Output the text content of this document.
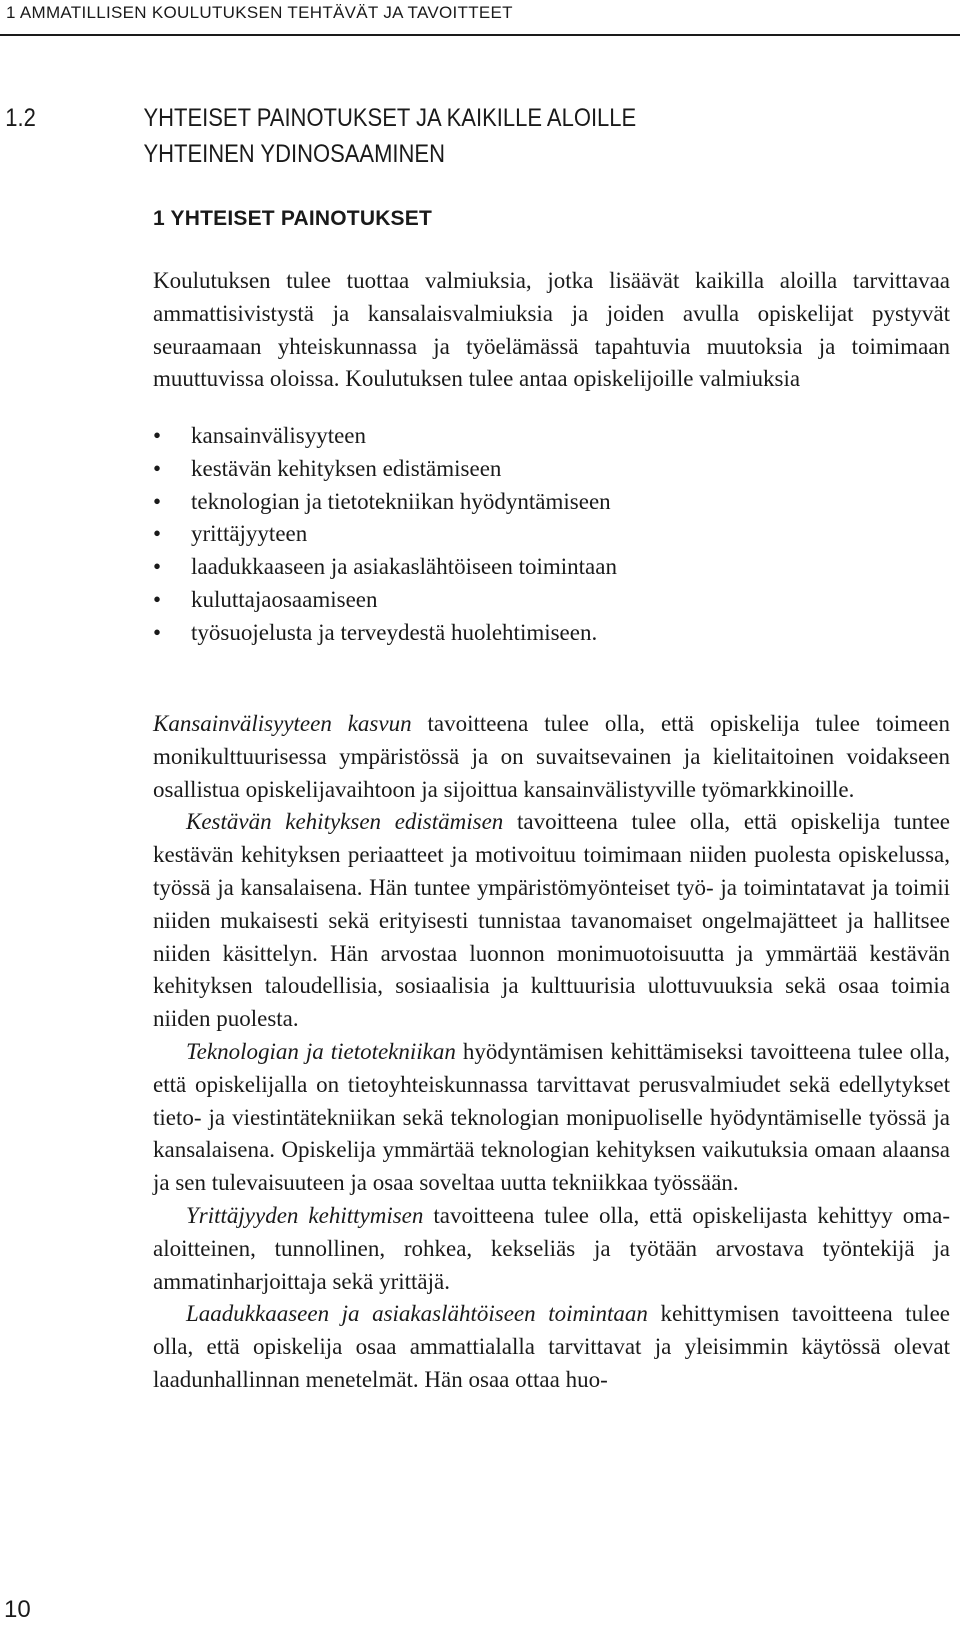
1 AMMATILLISEN KOULUTUKSEN TEHTÄVÄT JA TAVOITTEET
1.2	YHTEISET PAINOTUKSET JA KAIKILLE ALOILLE
YHTEINEN YDINOSAAMINEN
1 YHTEISET PAINOTUKSET

Koulutuksen tulee tuottaa valmiuksia, jotka lisäävät kaikilla aloilla tarvittavaa ammattisivistystä ja kansalaisvalmiuksia ja joiden avulla opiskelijat pystyvät seuraamaan yhteiskunnassa ja työelämässä tapahtuvia muutoksia ja toimimaan muuttuvissa oloissa. Koulutuksen tulee antaa opiskelijoille valmiuksia

• kansainvälisyyteen
• kestävän kehityksen edistämiseen
• teknologian ja tietotekniikan hyödyntämiseen
• yrittäjyyteen
• laadukkaaseen ja asiakaslähtöiseen toimintaan
• kuluttajaosaamiseen
• työsuojelusta ja terveydestä huolehtimiseen.

Kansainvälisyyteen kasvun tavoitteena tulee olla, että opiskelija tulee toimeen monikulttuurisessa ympäristössä ja on suvaitsevainen ja kielitaitoinen voidakseen osallistua opiskelijavaihtoon ja sijoittua kansainvälistyville työmarkkinoille.

Kestävän kehityksen edistämisen tavoitteena tulee olla, että opiskelija tuntee kestävän kehityksen periaatteet ja motivoituu toimimaan niiden puolesta opiskelussa, työssä ja kansalaisena. Hän tuntee ympäristömyönteiset työ- ja toimintatavat ja toimii niiden mukaisesti sekä erityisesti tunnistaa tavanomaiset ongelmajätteet ja hallitsee niiden käsittelyn. Hän arvostaa luonnon monimuotoisuutta ja ymmärtää kestävän kehityksen taloudellisia, sosiaalisia ja kulttuurisia ulottuvuuksia sekä osaa toimia niiden puolesta.

Teknologian ja tietotekniikan hyödyntämisen kehittämiseksi tavoitteena tulee olla, että opiskelijalla on tietoyhteiskunnassa tarvittavat perusvalmiudet sekä edellytykset tieto- ja viestintätekniikan sekä teknologian monipuoliselle hyödyntämiselle työssä ja kansalaisena. Opiskelija ymmärtää teknologian kehityksen vaikutuksia omaan alaansa ja sen tulevaisuuteen ja osaa soveltaa uutta tekniikkaa työssään.

Yrittäjyyden kehittymisen tavoitteena tulee olla, että opiskelijasta kehittyy oma-aloitteinen, tunnollinen, rohkea, kekseliäs ja työtään arvostava työntekijä ja ammatinharjoittaja sekä yrittäjä.

Laadukkaaseen ja asiakaslähtöiseen toimintaan kehittymisen tavoitteena tulee olla, että opiskelija osaa ammattialalla tarvittavat ja yleisimmin käytössä olevat laadunhallinnan menetelmät. Hän osaa ottaa huo-

10
